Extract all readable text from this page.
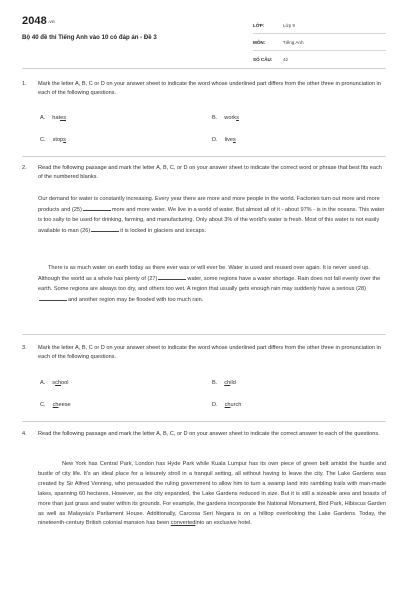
2048.vn
Bộ 40 đề thi Tiếng Anh vào 10 có đáp án - Đề 3
LỚP:	Lớp 9
MÔN:	Tiếng Anh
SỐ CÂU:	42
1.	Mark the letter A, B, C or D on your answer sheet to indicate the word whose underlined part differs from the other three in pronunciation in each of the following questions.
A. hates	B. works
C. stops	D. lives
2.	Read the following passage and mark the letter A, B, C, or D on your answer sheet to indicate the correct word or phrase that best fits each of the numbered blanks.
Our demand for water is constantly increasing. Every year there are more and more people in the world. Factories turn out more and more products and (25)	more and more water. We live in a world of water. But almost all of it - about 97% - is in the oceans. This water is too salty to be used for drinking, farming, and manufacturing. Only about 3% of the world's water is fresh. Most of this water is not easily available to man (26)	it is locked in glaciers and icecaps.
There is as much water on earth today as there ever was or will ever be. Water is used and reused over again. It is never used up. Although the world as a whole has plenty of (27)	water, some regions have a water shortage. Rain does not fall evenly over the earth. Some regions are always too dry, and others too wet. A region that usually gets enough rain may suddenly have a serious (28)and another region may be flooded with too much rain.
3.	Mark the letter A, B, C or D on your answer sheet to indicate the word whose underlined part differs from the other three in pronunciation in each of the following questions.
A. school	B. child
C. cheese	D. church
4.	Read the following passage and mark the letter A, B, C, or D on your answer sheet to indicate the correct answer to each of the questions.
New York has Central Park, London has Hyde Park while Kuala Lumpur has its own piece of green belt amidst the hustle and bustle of city life. It's an ideal place for a leisurely stroll in a tranquil setting, all without having to leave the city. The Lake Gardens was created by Sir Alfred Venning, who persuaded the ruling government to allow him to turn a swamp land into rambling trails with man-made lakes, spanning 60 hectares. However, as the city expanded, the Lake Gardens reduced in size. But it is still a sizeable area and boasts of more than just grass and water within its grounds. For example, the gardens incorporate the National Monument, Bird Park, Hibiscus Garden as well as Malaysia's Parliament House. Additionally, Carcosa Seri Negara is on a hilltop overlooking the Lake Gardens. Today, the nineteenth-century British colonial mansion has been convertedinto an exclusive hotel.
